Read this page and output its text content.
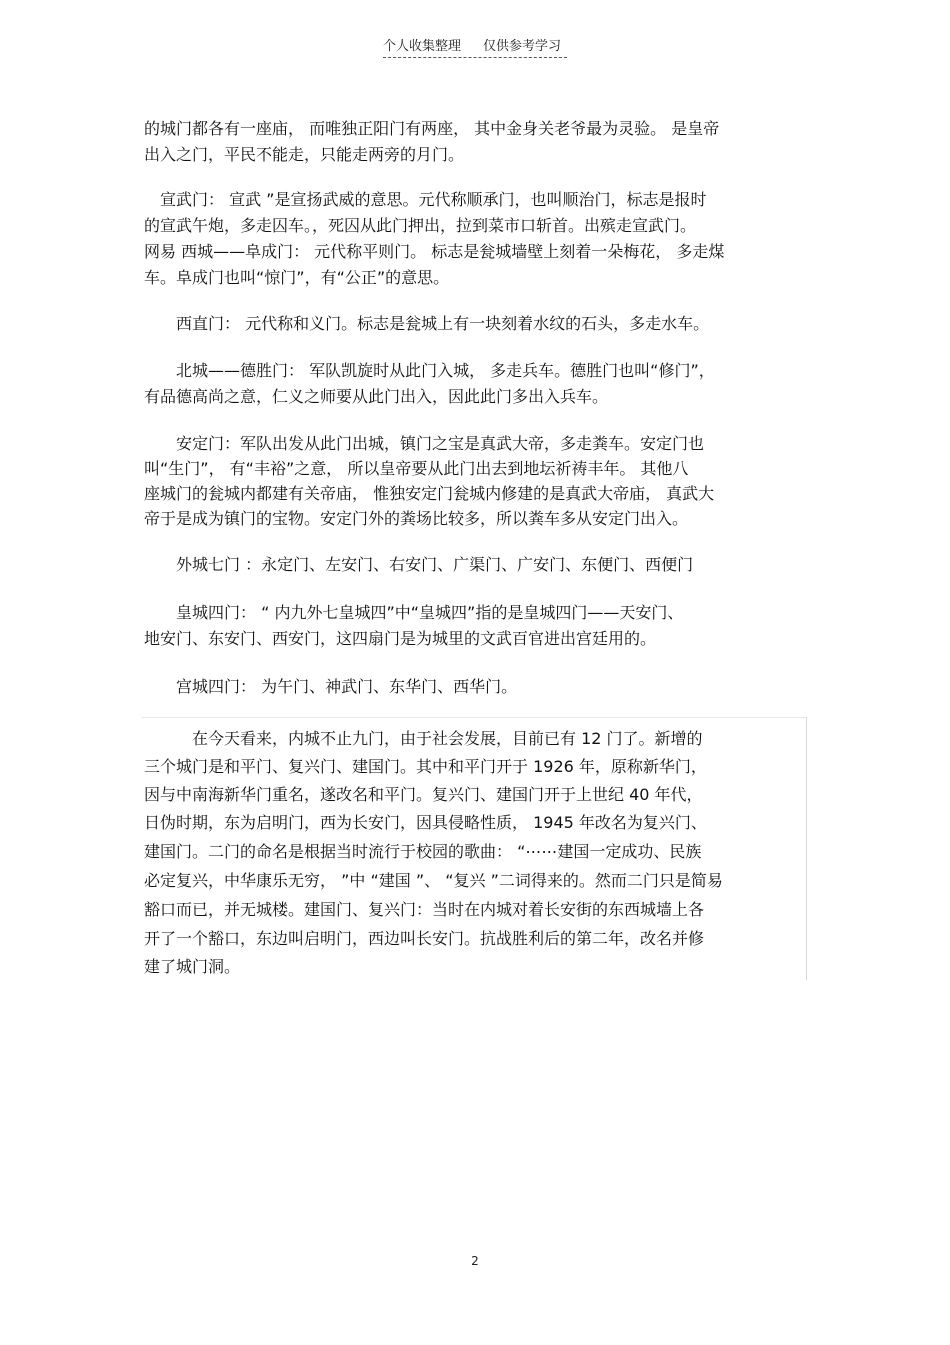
个人收集整理 仅供参考学习
的城门都各有一座庙， 而唯独正阳门有两座， 其中金身关老爷最为灵验。 是皇帝
出入之门，平民不能走，只能走两旁的月门。
　宣武门： 宣武 ”是宣扬武威的意思。元代称顺承门，也叫顺治门，标志是报时
的宣武午炮，多走囚车。，死囚从此门押出，拉到菜市口斩首。出殡走宣武门。
网易 西城——阜成门： 元代称平则门。 标志是瓮城墙壁上刻着一朵梅花， 多走煤
车。阜成门也叫“惊门”，有“公正”的意思。
　　西直门： 元代称和义门。标志是瓮城上有一块刻着水纹的石头，多走水车。
　　北城——德胜门： 军队凯旋时从此门入城， 多走兵车。德胜门也叫“修门”，
有品德高尚之意，仁义之师要从此门出入，因此此门多出入兵车。
　　安定门：军队出发从此门出城，镇门之宝是真武大帝，多走粪车。安定门也
叫“生门”， 有“丰裕”之意， 所以皇帝要从此门出去到地坛祈祷丰年。 其他八
座城门的瓮城内都建有关帝庙， 惟独安定门瓮城内修建的是真武大帝庙， 真武大
帝于是成为镇门的宝物。安定门外的粪场比较多，所以粪车多从安定门出入。
　　外城七门 ：永定门、左安门、右安门、广渠门、广安门、东便门、西便门
　　皇城四门： “ 内九外七皇城四”中“皇城四”指的是皇城四门——天安门、
地安门、东安门、西安门，这四扇门是为城里的文武百官进出宫廷用的。
　　宫城四门： 为午门、神武门、东华门、西华门。
　　　在今天看来，内城不止九门，由于社会发展，目前已有 12 门了。新增的
三个城门是和平门、复兴门、建国门。其中和平门开于 1926 年，原称新华门，
因与中南海新华门重名，遂改名和平门。复兴门、建国门开于上世纪 40 年代，
日伪时期，东为启明门，西为长安门，因具侵略性质， 1945 年改名为复兴门、
建国门。二门的命名是根据当时流行于校园的歌曲： “⋯⋯建国一定成功、民族
必定复兴，中华康乐无穷， ”中 “建国 ”、 “复兴 ”二词得来的。然而二门只是简易
豁口而已，并无城楼。建国门、复兴门：当时在内城对着长安街的东西城墙上各
开了一个豁口，东边叫启明门，西边叫长安门。抗战胜利后的第二年，改名并修
建了城门洞。
2
